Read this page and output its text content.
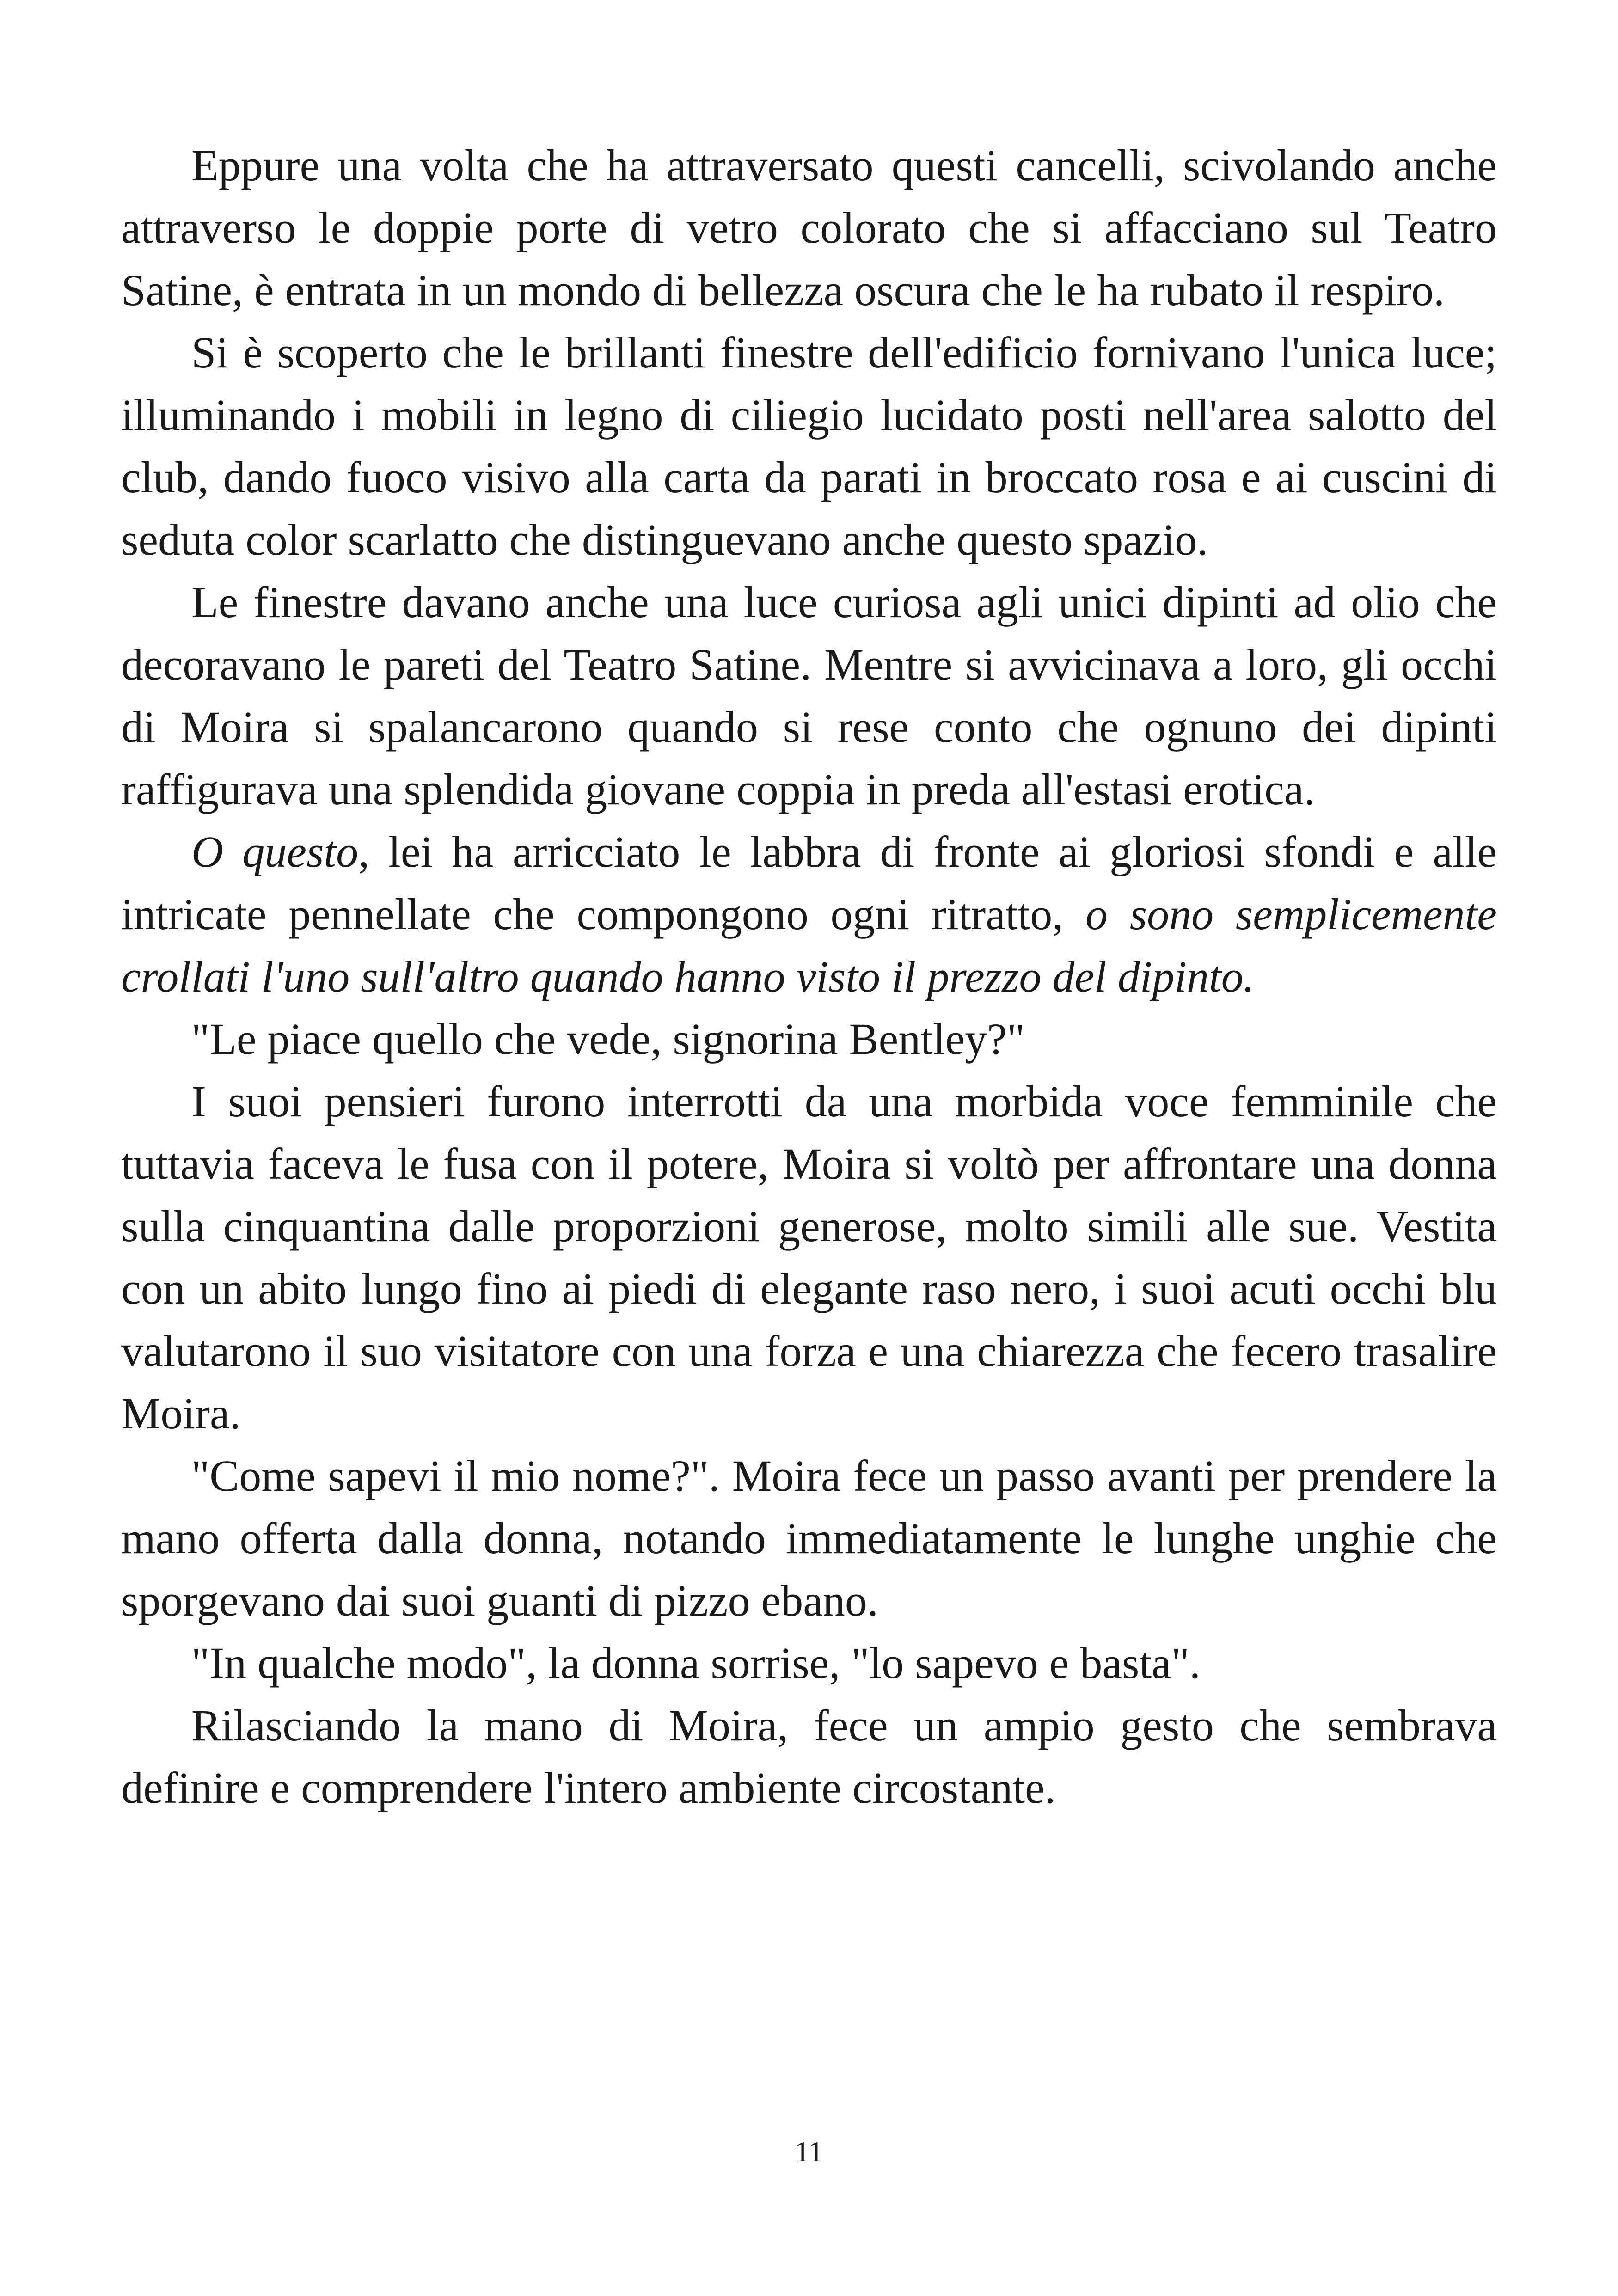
Eppure una volta che ha attraversato questi cancelli, scivolando anche attraverso le doppie porte di vetro colorato che si affacciano sul Teatro Satine, è entrata in un mondo di bellezza oscura che le ha rubato il respiro.

Si è scoperto che le brillanti finestre dell'edificio fornivano l'unica luce; illuminando i mobili in legno di ciliegio lucidato posti nell'area salotto del club, dando fuoco visivo alla carta da parati in broccato rosa e ai cuscini di seduta color scarlatto che distinguevano anche questo spazio.

Le finestre davano anche una luce curiosa agli unici dipinti ad olio che decoravano le pareti del Teatro Satine. Mentre si avvicinava a loro, gli occhi di Moira si spalancarono quando si rese conto che ognuno dei dipinti raffigurava una splendida giovane coppia in preda all'estasi erotica.

O questo, lei ha arricciato le labbra di fronte ai gloriosi sfondi e alle intricate pennellate che compongono ogni ritratto, o sono semplicemente crollati l'uno sull'altro quando hanno visto il prezzo del dipinto.

"Le piace quello che vede, signorina Bentley?"

I suoi pensieri furono interrotti da una morbida voce femminile che tuttavia faceva le fusa con il potere, Moira si voltò per affrontare una donna sulla cinquantina dalle proporzioni generose, molto simili alle sue. Vestita con un abito lungo fino ai piedi di elegante raso nero, i suoi acuti occhi blu valutarono il suo visitatore con una forza e una chiarezza che fecero trasalire Moira.

"Come sapevi il mio nome?". Moira fece un passo avanti per prendere la mano offerta dalla donna, notando immediatamente le lunghe unghie che sporgevano dai suoi guanti di pizzo ebano.

"In qualche modo", la donna sorrise, "lo sapevo e basta".

Rilasciando la mano di Moira, fece un ampio gesto che sembrava definire e comprendere l'intero ambiente circostante.

11
